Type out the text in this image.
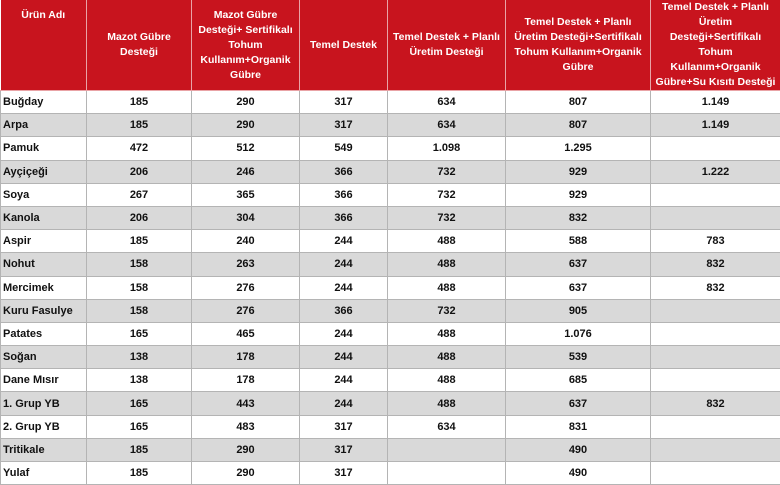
Ürün Adı	Mazot Gübre Desteği	Mazot Gübre Desteği+ Sertifikalı Tohum Kullanım+Organik Gübre	Temel Destek	Temel Destek + Planlı Üretim Desteği	Temel Destek + Planlı Üretim Desteği+Sertifikalı Tohum Kullanım+Organik Gübre	Temel Destek + Planlı Üretim Desteği+Sertifikalı Tohum Kullanım+Organik Gübre+Su Kısıtı Desteği
Buğday	185	290	317	634	807	1.149
Arpa	185	290	317	634	807	1.149
Pamuk	472	512	549	1.098	1.295	
Ayçiçeği	206	246	366	732	929	1.222
Soya	267	365	366	732	929	
Kanola	206	304	366	732	832	
Aspir	185	240	244	488	588	783
Nohut	158	263	244	488	637	832
Mercimek	158	276	244	488	637	832
Kuru Fasulye	158	276	366	732	905	
Patates	165	465	244	488	1.076	
Soğan	138	178	244	488	539	
Dane Mısır	138	178	244	488	685	
1. Grup YB	165	443	244	488	637	832
2. Grup YB	165	483	317	634	831	
Tritikale	185	290	317		490	
Yulaf	185	290	317		490	
